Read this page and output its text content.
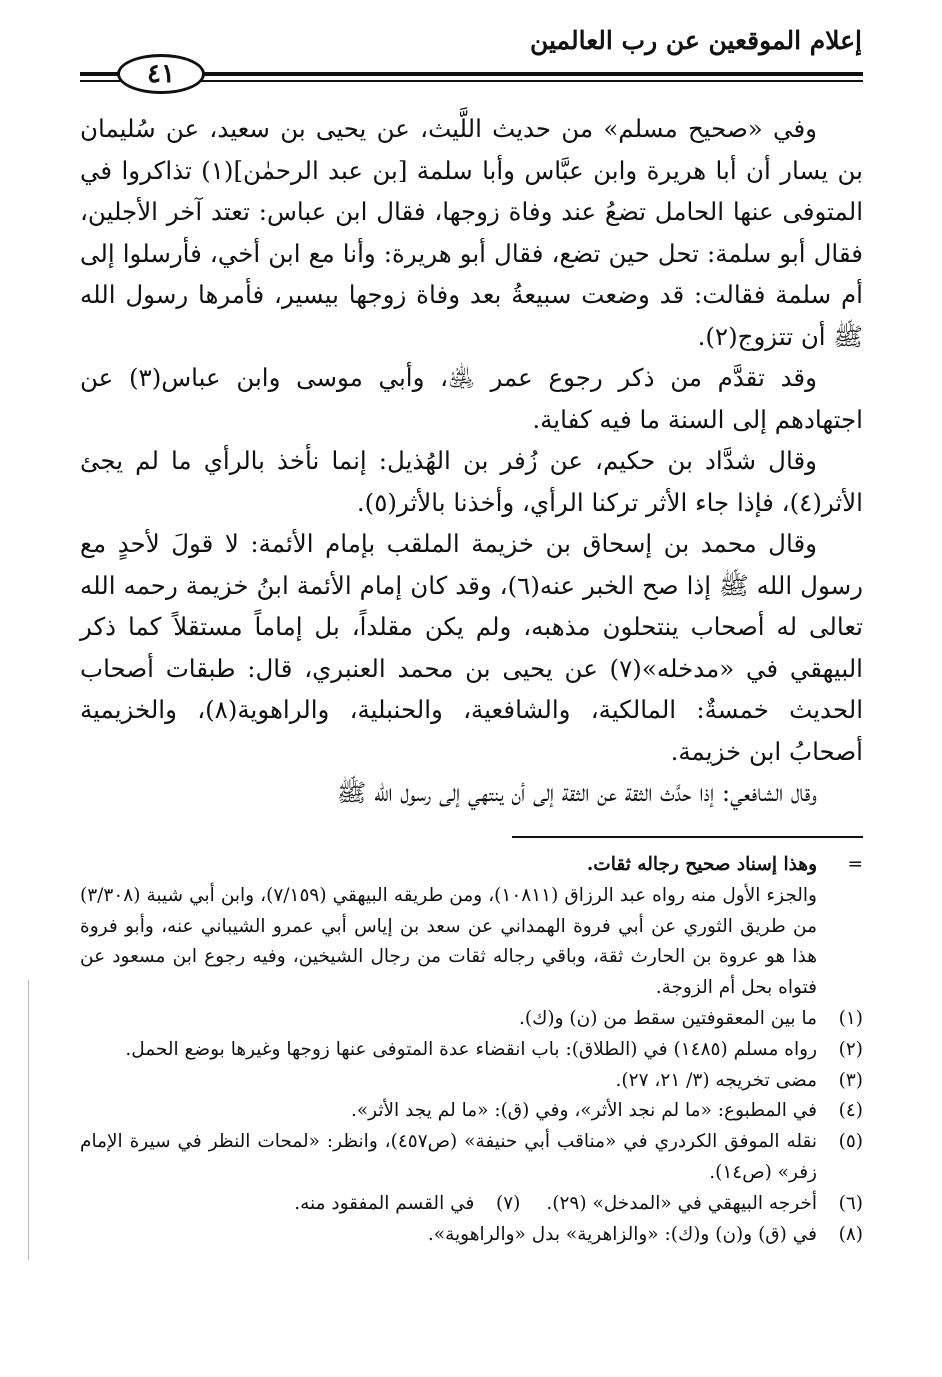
إعلام الموقعين عن رب العالمين
٤١

وفي «صحيح مسلم» من حديث اللَّيث، عن يحيى بن سعيد، عن سُليمان بن يسار أن أبا هريرة وابن عبَّاس وأبا سلمة [بن عبد الرحمٰن](١) تذاكروا في المتوفى عنها الحامل تضعُ عند وفاة زوجها، فقال ابن عباس: تعتد آخر الأجلين، فقال أبو سلمة: تحل حين تضع، فقال أبو هريرة: وأنا مع ابن أخي، فأرسلوا إلى أم سلمة فقالت: قد وضعت سبيعةُ بعد وفاة زوجها بيسير، فأمرها رسول الله ﷺ أن تتزوج(٢).

وقد تقدَّم من ذكر رجوع عمر ﵁، وأبي موسى وابن عباس(٣) عن اجتهادهم إلى السنة ما فيه كفاية.

وقال شدَّاد بن حكيم، عن زُفر بن الهُذيل: إنما نأخذ بالرأي ما لم يجئ الأثر(٤)، فإذا جاء الأثر تركنا الرأي، وأخذنا بالأثر(٥).

وقال محمد بن إسحاق بن خزيمة الملقب بإمام الأئمة: لا قولَ لأحدٍ مع رسول الله ﷺ إذا صح الخبر عنه(٦)، وقد كان إمام الأئمة ابنُ خزيمة رحمه الله تعالى له أصحاب ينتحلون مذهبه، ولم يكن مقلداً، بل إماماً مستقلاً كما ذكر البيهقي في «مدخله»(٧) عن يحيى بن محمد العنبري، قال: طبقات أصحاب الحديث خمسةٌ: المالكية، والشافعية، والحنبلية، والراهوية(٨)، والخزيمية أصحابُ ابن خزيمة.

وقال الشافعي: إذا حدَّث الثقة عن الثقة إلى أن ينتهي إلى رسول الله ﷺ

=
وهذا إسناد صحيح رجاله ثقات.
والجزء الأول منه رواه عبد الرزاق (١٠٨١١)، ومن طريقه البيهقي (٧/١٥٩)، وابن أبي شيبة (٣/٣٠٨) من طريق الثوري عن أبي فروة الهمداني عن سعد بن إياس أبي عمرو الشيباني عنه، وأبو فروة هذا هو عروة بن الحارث ثقة، وباقي رجاله ثقات من رجال الشيخين، وفيه رجوع ابن مسعود عن فتواه بحل أم الزوجة.
(١)
ما بين المعقوفتين سقط من (ن) و(ك).
(٢)
رواه مسلم (١٤٨٥) في (الطلاق): باب انقضاء عدة المتوفى عنها زوجها وغيرها بوضع الحمل.
(٣)
مضى تخريجه (٣/ ٢١، ٢٧).
(٤)
في المطبوع: «ما لم نجد الأثر»، وفي (ق): «ما لم يجد الأثر».
(٥)
نقله الموفق الكردري في «مناقب أبي حنيفة» (ص٤٥٧)، وانظر: «لمحات النظر في سيرة الإمام زفر» (ص١٤).
(٦)
أخرجه البيهقي في «المدخل» (٢٩).
(٧)
في القسم المفقود منه.
(٨)
في (ق) و(ن) و(ك): «والزاهرية» بدل «والراهوية».
